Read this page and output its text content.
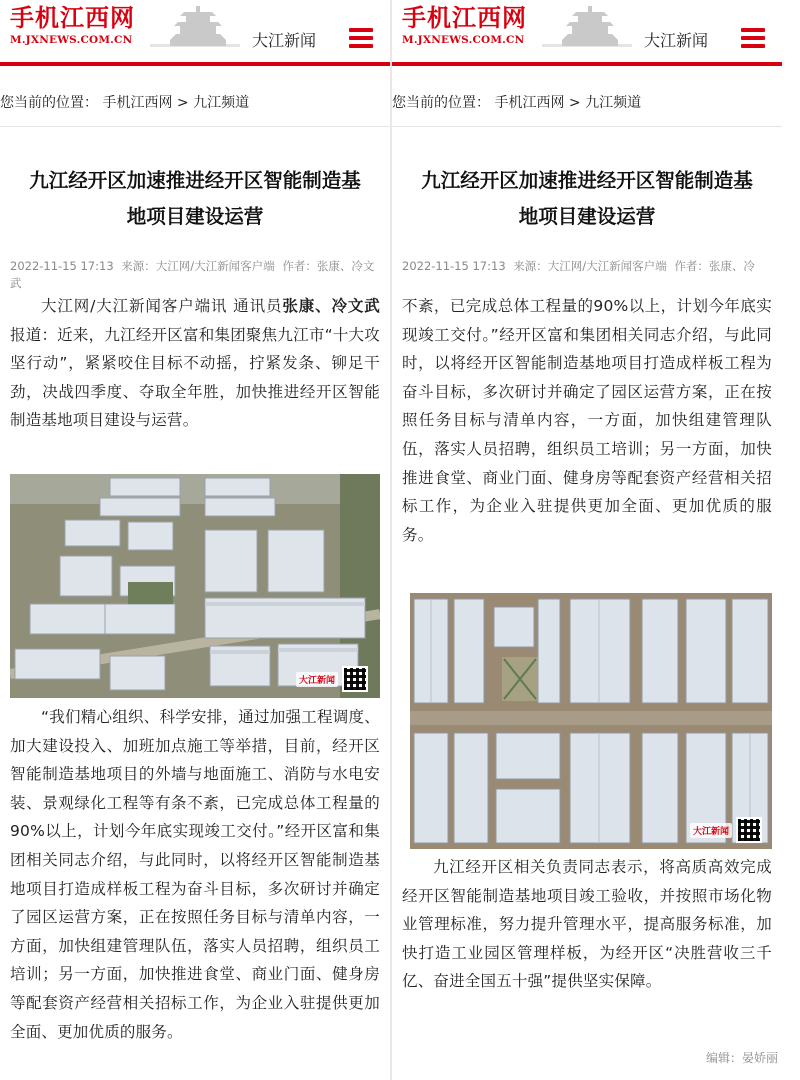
手机江西网
M.JXNEWS.COM.CN	大江新闻
您当前的位置： 手机江西网 > 九江频道
九江经开区加速推进经开区智能制造基
地项目建设运营
2022-11-15 17:13 来源：大江网/大江新闻客户端 作者：张康、冷文武

大江网/大江新闻客户端讯 通讯员张康、冷文武报道：近来，九江经开区富和集团聚焦九江市“十大攻坚行动”，紧紧咬住目标不动摇，拧紧发条、铆足干劲，决战四季度、夺取全年胜，加快推进经开区智能制造基地项目建设与运营。

大江新闻

“我们精心组织、科学安排，通过加强工程调度、加大建设投入、加班加点施工等举措，目前，经开区智能制造基地项目的外墙与地面施工、消防与水电安装、景观绿化工程等有条不紊，已完成总体工程量的90%以上，计划今年底实现竣工交付。”经开区富和集团相关同志介绍，与此同时，以将经开区智能制造基地项目打造成样板工程为奋斗目标，多次研讨并确定了园区运营方案，正在按照任务目标与清单内容，一方面，加快组建管理队伍，落实人员招聘，组织员工培训；另一方面，加快推进食堂、商业门面、健身房等配套资产经营相关招标工作，为企业入驻提供更加全面、更加优质的服务。

手机江西网
M.JXNEWS.COM.CN	大江新闻
您当前的位置： 手机江西网 > 九江频道
九江经开区加速推进经开区智能制造基
地项目建设运营
2022-11-15 17:13 来源：大江网/大江新闻客户端 作者：张康、冷

不紊，已完成总体工程量的90%以上，计划今年底实现竣工交付。”经开区富和集团相关同志介绍，与此同时，以将经开区智能制造基地项目打造成样板工程为奋斗目标，多次研讨并确定了园区运营方案，正在按照任务目标与清单内容，一方面，加快组建管理队伍，落实人员招聘，组织员工培训；另一方面，加快推进食堂、商业门面、健身房等配套资产经营相关招标工作，为企业入驻提供更加全面、更加优质的服务。

大江新闻

九江经开区相关负责同志表示，将高质高效完成经开区智能制造基地项目竣工验收，并按照市场化物业管理标准，努力提升管理水平，提高服务标准，加快打造工业园区管理样板，为经开区“决胜营收三千亿、奋进全国五十强”提供坚实保障。

编辑：晏娇丽
